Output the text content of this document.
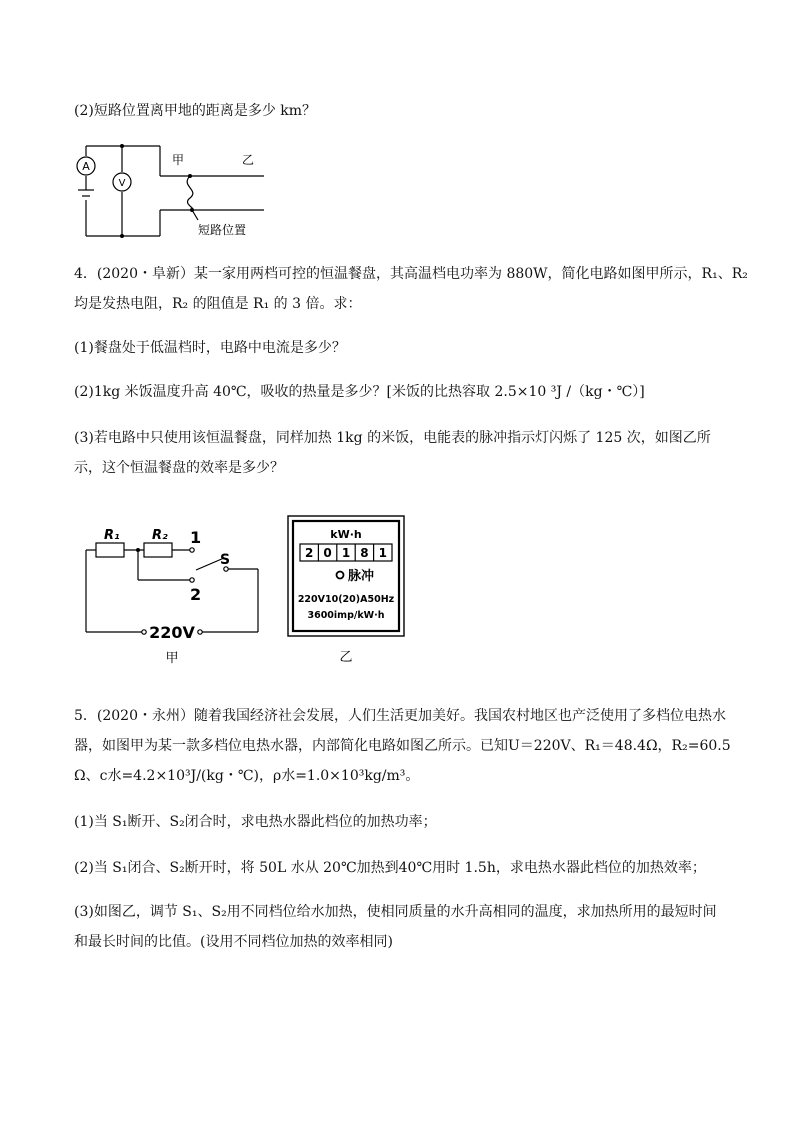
(2)短路位置离甲地的距离是多少 km？
A
V
甲	乙
短路位置
4．(2020・阜新）某一家用两档可控的恒温餐盘，其高温档电功率为 880W，简化电路如图甲所示，R₁、R₂
均是发热电阻，R₂ 的阻值是 R₁ 的 3 倍。求：
(1)餐盘处于低温档时，电路中电流是多少？
(2)1kg 米饭温度升高 40℃，吸收的热量是多少？[米饭的比热容取 2.5×10 ³J /（kg・℃）]
(3)若电路中只使用该恒温餐盘，同样加热 1kg 的米饭，电能表的脉冲指示灯闪烁了 125 次，如图乙所
示，这个恒温餐盘的效率是多少？
R₁ R₂ 1
2
S
220V
甲
kW·h
2 0 1 8 1
脉冲
220V10(20)A50Hz
3600imp/kW·h
乙
5．(2020・永州）随着我国经济社会发展，人们生活更加美好。我国农村地区也产泛使用了多档位电热水
器，如图甲为某一款多档位电热水器，内部简化电路如图乙所示。已知U＝220V、R₁＝48.4Ω，R₂=60.5
Ω、c水=4.2×10³J/(kg・℃)，ρ水=1.0×10³kg/m³。
(1)当 S₁断开、S₂闭合时，求电热水器此档位的加热功率；
(2)当 S₁闭合、S₂断开时，将 50L 水从 20℃加热到40℃用时 1.5h，求电热水器此档位的加热效率；
(3)如图乙，调节 S₁、S₂用不同档位给水加热，使相同质量的水升高相同的温度，求加热所用的最短时间
和最长时间的比值。(设用不同档位加热的效率相同)
